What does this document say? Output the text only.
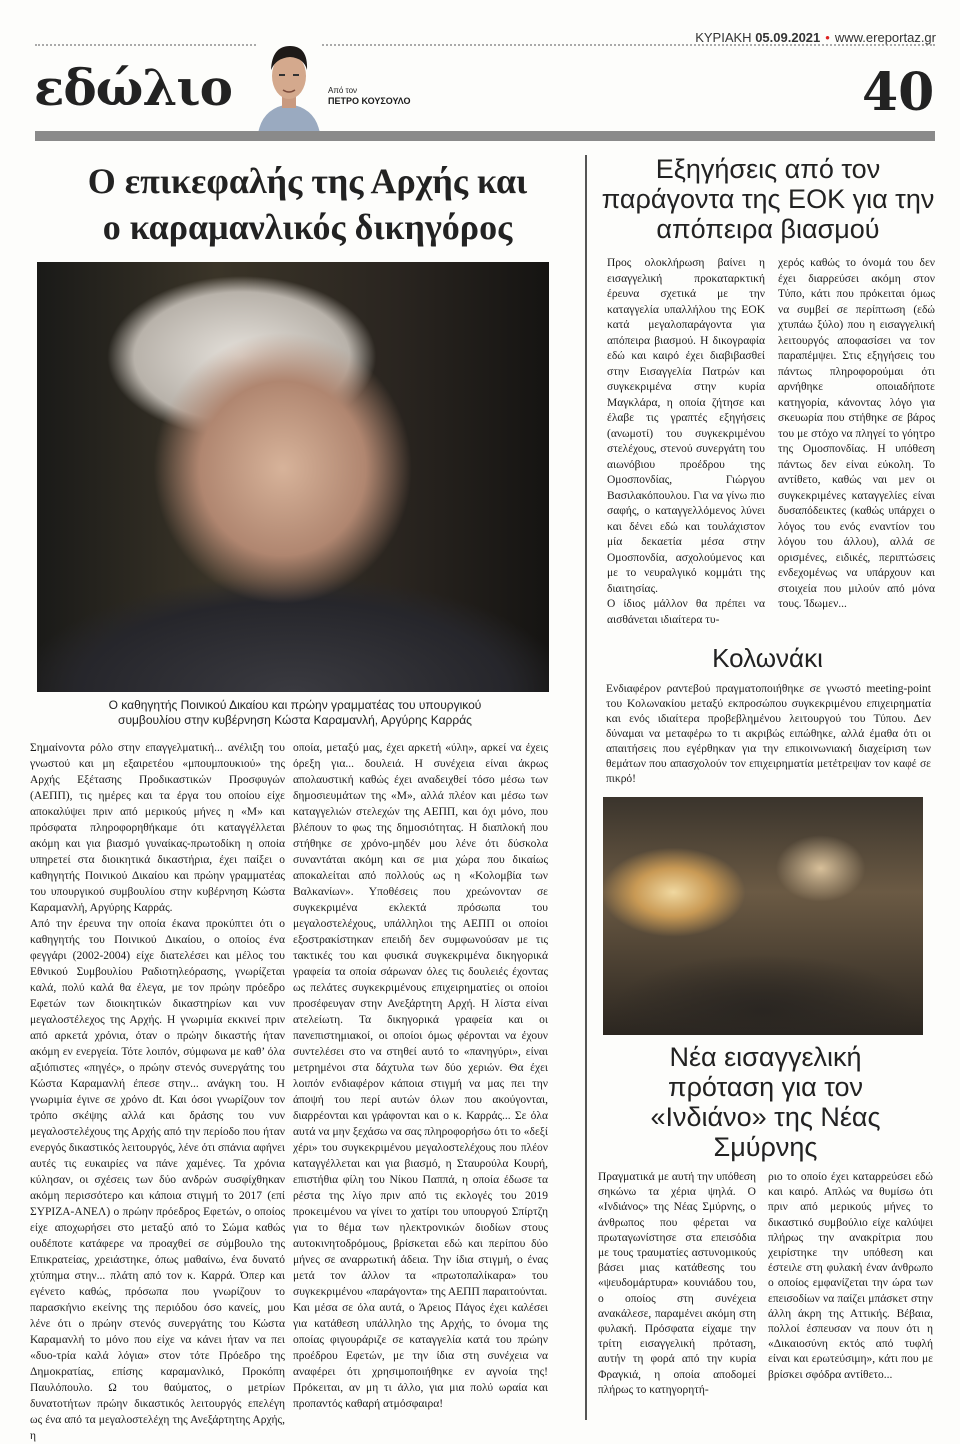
ΚΥΡΙΑΚΗ 05.09.2021 • www.ereportaz.gr
εδώλιο	Από τον
ΠΕΤΡΟ ΚΟΥΣΟΥΛΟ	40
Ο επικεφαλής της Αρχής και
ο καραμανλικός δικηγόρος
Ο καθηγητής Ποινικού Δικαίου και πρώην γραμματέας του υπουργικού
συμβουλίου στην κυβέρνηση Κώστα Καραμανλή, Αργύρης Καρράς

Σημαίνοντα ρόλο στην επαγγελματική... ανέλιξη του γνωστού και μη εξαιρετέου «μπουμπουκιού» της Αρχής Εξέτασης Προδικαστικών Προσφυγών (ΑΕΠΠ), τις ημέρες και τα έργα του οποίου είχε αποκαλύψει πριν από μερικούς μήνες η «Μ» και πρόσφατα πληροφορηθήκαμε ότι καταγγέλλεται ακόμη και για βιασμό γυναίκας-πρωτοδίκη η οποία υπηρετεί στα διοικητικά δικαστήρια, έχει παίξει ο καθηγητής Ποινικού Δικαίου και πρώην γραμματέας του υπουργικού συμβουλίου στην κυβέρνηση Κώστα Καραμανλή, Αργύρης Καρράς.

Από την έρευνα την οποία έκανα προκύπτει ότι ο καθηγητής του Ποινικού Δικαίου, ο οποίος ένα φεγγάρι (2002-2004) είχε διατελέσει και μέλος του Εθνικού Συμβουλίου Ραδιοτηλεόρασης, γνωρίζεται καλά, πολύ καλά θα έλεγα, με τον πρώην πρόεδρο Εφετών των διοικητικών δικαστηρίων και νυν μεγαλοστέλεχος της Αρχής. Η γνωριμία εκκινεί πριν από αρκετά χρόνια, όταν ο πρώην δικαστής ήταν ακόμη εν ενεργεία. Τότε λοιπόν, σύμφωνα με καθ’ όλα αξιόπιστες «πηγές», ο πρώην στενός συνεργάτης του Κώστα Καραμανλή έπεσε στην... ανάγκη του. Η γνωριμία έγινε σε χρόνο dt. Και όσοι γνωρίζουν τον τρόπο σκέψης αλλά και δράσης του νυν μεγαλοστελέχους της Αρχής από την περίοδο που ήταν ενεργός δικαστικός λειτουργός, λένε ότι σπάνια αφήνει αυτές τις ευκαιρίες να πάνε χαμένες. Τα χρόνια κύλησαν, οι σχέσεις των δύο ανδρών συσφίχθηκαν ακόμη περισσότερο και κάποια στιγμή το 2017 (επί ΣΥΡΙΖΑ-ΑΝΕΛ) ο πρώην πρόεδρος Εφετών, ο οποίος είχε αποχωρήσει στο μεταξύ από το Σώμα καθώς ουδέποτε κατάφερε να προαχθεί σε σύμβουλο της Επικρατείας, χρειάστηκε, όπως μαθαίνω, ένα δυνατό χτύπημα στην... πλάτη από τον κ. Καρρά. Όπερ και εγένετο καθώς, πρόσωπα που γνωρίζουν το παρασκήνιο εκείνης της περιόδου όσο κανείς, μου λένε ότι ο πρώην στενός συνεργάτης του Κώστα Καραμανλή το μόνο που είχε να κάνει ήταν να πει «δυο-τρία καλά λόγια» στον τότε Πρόεδρο της Δημοκρατίας, επίσης καραμανλικό, Προκόπη Παυλόπουλο. Ω του θαύματος, ο μετρίων δυνατοτήτων πρώην δικαστικός λειτουργός επελέγη ως ένα από τα μεγαλοστελέχη της Ανεξάρτητης Αρχής, η

οποία, μεταξύ μας, έχει αρκετή «ύλη», αρκεί να έχεις όρεξη για... δουλειά. Η συνέχεια είναι άκρως απολαυστική καθώς έχει αναδειχθεί τόσο μέσω των δημοσιευμάτων της «Μ», αλλά πλέον και μέσω των καταγγελιών στελεχών της ΑΕΠΠ, και όχι μόνο, που βλέπουν το φως της δημοσιότητας. Η διαπλοκή που στήθηκε σε χρόνο-μηδέν μου λένε ότι δύσκολα συναντάται ακόμη και σε μια χώρα που δικαίως αποκαλείται από πολλούς ως η «Κολομβία των Βαλκανίων». Υποθέσεις που χρεώνονταν σε συγκεκριμένα εκλεκτά πρόσωπα του μεγαλοστελέχους, υπάλληλοι της ΑΕΠΠ οι οποίοι εξοστρακίστηκαν επειδή δεν συμφωνούσαν με τις τακτικές του και φυσικά συγκεκριμένα δικηγορικά γραφεία τα οποία σάρωναν όλες τις δουλειές έχοντας ως πελάτες συγκεκριμένους επιχειρηματίες οι οποίοι προσέφευγαν στην Ανεξάρτητη Αρχή. Η λίστα είναι ατελείωτη. Τα δικηγορικά γραφεία και οι πανεπιστημιακοί, οι οποίοι όμως φέρονται να έχουν συντελέσει στο να στηθεί αυτό το «πανηγύρι», είναι μετρημένοι στα δάχτυλα των δύο χεριών. Θα έχει λοιπόν ενδιαφέρον κάποια στιγμή να μας πει την άποψή του περί αυτών όλων που ακούγονται, διαρρέονται και γράφονται και ο κ. Καρράς... Σε όλα αυτά να μην ξεχάσω να σας πληροφορήσω ότι το «δεξί χέρι» του συγκεκριμένου μεγαλοστελέχους που πλέον καταγγέλλεται και για βιασμό, η Σταυρούλα Κουρή, επιστήθια φίλη του Νίκου Παππά, η οποία έδωσε τα ρέστα της λίγο πριν από τις εκλογές του 2019 προκειμένου να γίνει το χατίρι του υπουργού Σπίρτζη για το θέμα των ηλεκτρονικών διοδίων στους αυτοκινητοδρόμους, βρίσκεται εδώ και περίπου δύο μήνες σε αναρρωτική άδεια. Την ίδια στιγμή, ο ένας μετά τον άλλον τα «πρωτοπαλίκαρα» του συγκεκριμένου «παράγοντα» της ΑΕΠΠ παραιτούνται.

Και μέσα σε όλα αυτά, ο Άρειος Πάγος έχει καλέσει για κατάθεση υπάλληλο της Αρχής, το όνομα της οποίας φιγουράριζε σε καταγγελία κατά του πρώην προέδρου Εφετών, με την ίδια στη συνέχεια να αναφέρει ότι χρησιμοποιήθηκε εν αγνοία της! Πρόκειται, αν μη τι άλλο, για μια πολύ ωραία και προπαντός καθαρή ατμόσφαιρα!

Εξηγήσεις από τον παράγοντα της ΕΟΚ για την απόπειρα βιασμού

Προς ολοκλήρωση βαίνει η εισαγγελική προκαταρκτική έρευνα σχετικά με την καταγγελία υπαλλήλου της ΕΟΚ κατά μεγαλοπαράγοντα για απόπειρα βιασμού. Η δικογραφία εδώ και καιρό έχει διαβιβασθεί στην Εισαγγελία Πατρών και συγκεκριμένα στην κυρία Μαγκλάρα, η οποία ζήτησε και έλαβε τις γραπτές εξηγήσεις (ανωμοτί) του συγκεκριμένου στελέχους, στενού συνεργάτη του αιωνόβιου προέδρου της Ομοσπονδίας, Γιώργου Βασιλακόπουλου. Για να γίνω πιο σαφής, ο καταγγελλόμενος λύνει και δένει εδώ και τουλάχιστον μία δεκαετία μέσα στην Ομοσπονδία, ασχολούμενος και με το νευραλγικό κομμάτι της διαιτησίας.

Ο ίδιος μάλλον θα πρέπει να αισθάνεται ιδιαίτερα τυ-

χερός καθώς το όνομά του δεν έχει διαρρεύσει ακόμη στον Τύπο, κάτι που πρόκειται όμως να συμβεί σε περίπτωση (εδώ χτυπάω ξύλο) που η εισαγγελική λειτουργός αποφασίσει να τον παραπέμψει. Στις εξηγήσεις του πάντως πληροφορούμαι ότι αρνήθηκε οποιαδήποτε κατηγορία, κάνοντας λόγο για σκευωρία που στήθηκε σε βάρος του με στόχο να πληγεί το γόητρο της Ομοσπονδίας. Η υπόθεση πάντως δεν είναι εύκολη. Το αντίθετο, καθώς ναι μεν οι συγκεκριμένες καταγγελίες είναι δυσαπόδεικτες (καθώς υπάρχει ο λόγος του ενός εναντίον του λόγου του άλλου), αλλά σε ορισμένες, ειδικές, περιπτώσεις ενδεχομένως να υπάρχουν και στοιχεία που μιλούν από μόνα τους. Ίδωμεν...

Κολωνάκι
Ενδιαφέρον ραντεβού πραγματοποιήθηκε σε γνωστό meeting-point του Κολωνακίου μεταξύ εκπροσώπου συγκεκριμένου επιχειρηματία και ενός ιδιαίτερα προβεβλημένου λειτουργού του Τύπου. Δεν δύναμαι να μεταφέρω το τι ακριβώς ειπώθηκε, αλλά έμαθα ότι οι απαιτήσεις που εγέρθηκαν για την επικοινωνιακή διαχείριση των θεμάτων που απασχολούν τον επιχειρηματία μετέτρεψαν τον καφέ σε πικρό!
Νέα εισαγγελική
πρόταση για τον
«Ινδιάνο» της Νέας
Σμύρνης
Πραγματικά με αυτή την υπόθεση σηκώνω τα χέρια ψηλά. Ο «Ινδιάνος» της Νέας Σμύρνης, ο άνθρωπος που φέρεται να πρωταγωνίστησε στα επεισόδια με τους τραυματίες αστυνομικούς βάσει μιας κατάθεσης του «ψευδομάρτυρα» κουνιάδου του, ο οποίος στη συνέχεια ανακάλεσε, παραμένει ακόμη στη φυλακή. Πρόσφατα είχαμε την τρίτη εισαγγελική πρόταση, αυτήν τη φορά από την κυρία Φραγκιά, η οποία αποδομεί πλήρως το κατηγορητή-
ριο το οποίο έχει καταρρεύσει εδώ και καιρό. Απλώς να θυμίσω ότι πριν από μερικούς μήνες το δικαστικό συμβούλιο είχε καλύψει πλήρως την ανακρίτρια που χειρίστηκε την υπόθεση και έστειλε στη φυλακή έναν άνθρωπο ο οποίος εμφανίζεται την ώρα των επεισοδίων να παίζει μπάσκετ στην άλλη άκρη της Αττικής. Βέβαια, πολλοί έσπευσαν να πουν ότι η «Δικαιοσύνη εκτός από τυφλή είναι και ερωτεύσιμη», κάτι που με βρίσκει σφόδρα αντίθετο...
